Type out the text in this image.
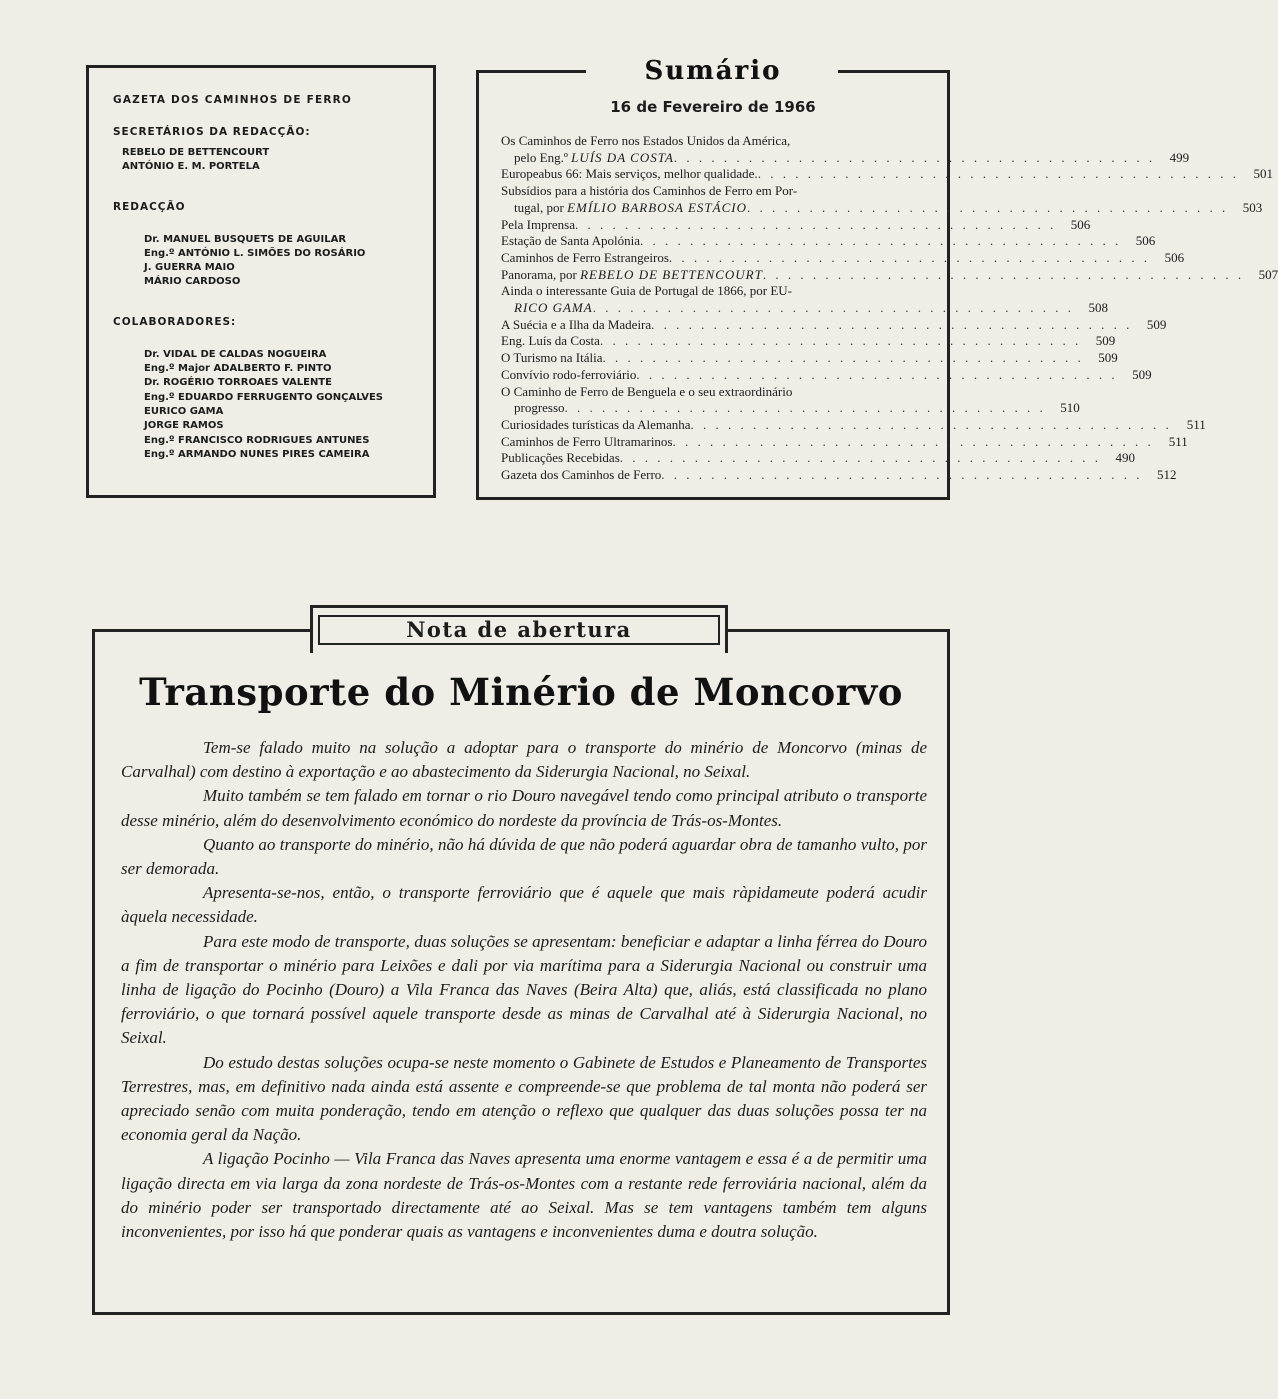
GAZETA DOS CAMINHOS DE FERRO
SECRETÁRIOS DA REDACÇÃO:
REBELO DE BETTENCOURT
ANTÓNIO E. M. PORTELA
REDACÇÃO
Dr. MANUEL BUSQUETS DE AGUILAR
Eng.º ANTÓNIO L. SIMÕES DO ROSÁRIO
J. GUERRA MAIO
MÁRIO CARDOSO
COLABORADORES:
Dr. VIDAL DE CALDAS NOGUEIRA
Eng.º Major ADALBERTO F. PINTO
Dr. ROGÉRIO TORROAES VALENTE
Eng.º EDUARDO FERRUGENTO GONÇALVES
EURICO GAMA
JORGE RAMOS
Eng.º FRANCISCO RODRIGUES ANTUNES
Eng.º ARMANDO NUNES PIRES CAMEIRA
Sumário
16 de Fevereiro de 1966
Os Caminhos de Ferro nos Estados Unidos da América,
pelo Eng.º LUÍS DA COSTA . . . . . . . . . . . . . . . . . . . . . . . . . . . . . . . . . . . . . . .	499
Europeabus 66: Mais serviços, melhor qualidade. . . . . . . . . . . . . . . . . . . . . . . . . . . . . . . . . . . . . . . .	501
Subsídios para a história dos Caminhos de Ferro em Por-
tugal, por EMÍLIO BARBOSA ESTÁCIO . . . . . . . . . . . . . . . . . . . . . . . . . . . . . . . . . . . . . . .	503
Pela Imprensa . . . . . . . . . . . . . . . . . . . . . . . . . . . . . . . . . . . . . . .	506
Estação de Santa Apolónia . . . . . . . . . . . . . . . . . . . . . . . . . . . . . . . . . . . . . . .	506
Caminhos de Ferro Estrangeiros . . . . . . . . . . . . . . . . . . . . . . . . . . . . . . . . . . . . . . .	506
Panorama, por REBELO DE BETTENCOURT . . . . . . . . . . . . . . . . . . . . . . . . . . . . . . . . . . . . . . .	507
Ainda o interessante Guia de Portugal de 1866, por EU-
RICO GAMA . . . . . . . . . . . . . . . . . . . . . . . . . . . . . . . . . . . . . . .	508
A Suécia e a Ilha da Madeira . . . . . . . . . . . . . . . . . . . . . . . . . . . . . . . . . . . . . . .	509
Eng. Luís da Costa . . . . . . . . . . . . . . . . . . . . . . . . . . . . . . . . . . . . . . .	509
O Turismo na Itália . . . . . . . . . . . . . . . . . . . . . . . . . . . . . . . . . . . . . . .	509
Convívio rodo-ferroviário . . . . . . . . . . . . . . . . . . . . . . . . . . . . . . . . . . . . . . .	509
O Caminho de Ferro de Benguela e o seu extraordinário
progresso . . . . . . . . . . . . . . . . . . . . . . . . . . . . . . . . . . . . . . .	510
Curiosidades turísticas da Alemanha . . . . . . . . . . . . . . . . . . . . . . . . . . . . . . . . . . . . . . .	511
Caminhos de Ferro Ultramarinos . . . . . . . . . . . . . . . . . . . . . . . . . . . . . . . . . . . . . . .	511
Publicações Recebidas . . . . . . . . . . . . . . . . . . . . . . . . . . . . . . . . . . . . . . .	490
Gazeta dos Caminhos de Ferro . . . . . . . . . . . . . . . . . . . . . . . . . . . . . . . . . . . . . . .	512
Nota de abertura
Transporte do Minério de Moncorvo

Tem-se falado muito na solução a adoptar para o transporte do minério de Moncorvo (minas de Carvalhal) com destino à exportação e ao abastecimento da Siderurgia Nacional, no Seixal.

Muito também se tem falado em tornar o rio Douro navegável tendo como principal atributo o transporte desse minério, além do desenvolvimento económico do nordeste da província de Trás-os-Montes.

Quanto ao transporte do minério, não há dúvida de que não poderá aguardar obra de tamanho vulto, por ser demorada.

Apresenta-se-nos, então, o transporte ferroviário que é aquele que mais ràpidameute poderá acudir àquela necessidade.

Para este modo de transporte, duas soluções se apresentam: beneficiar e adaptar a linha férrea do Douro a fim de transportar o minério para Leixões e dali por via marítima para a Siderurgia Nacional ou construir uma linha de ligação do Pocinho (Douro) a Vila Franca das Naves (Beira Alta) que, aliás, está classificada no plano ferroviário, o que tornará possível aquele transporte desde as minas de Carvalhal até à Siderurgia Nacional, no Seixal.

Do estudo destas soluções ocupa-se neste momento o Gabinete de Estudos e Planeamento de Transportes Terrestres, mas, em definitivo nada ainda está assente e compreende-se que problema de tal monta não poderá ser apreciado senão com muita ponderação, tendo em atenção o reflexo que qualquer das duas soluções possa ter na economia geral da Nação.

A ligação Pocinho — Vila Franca das Naves apresenta uma enorme vantagem e essa é a de permitir uma ligação directa em via larga da zona nordeste de Trás-os-Montes com a restante rede ferroviária nacional, além da do minério poder ser transportado directamente até ao Seixal. Mas se tem vantagens também tem alguns inconvenientes, por isso há que ponderar quais as vantagens e inconvenientes duma e doutra solução.
